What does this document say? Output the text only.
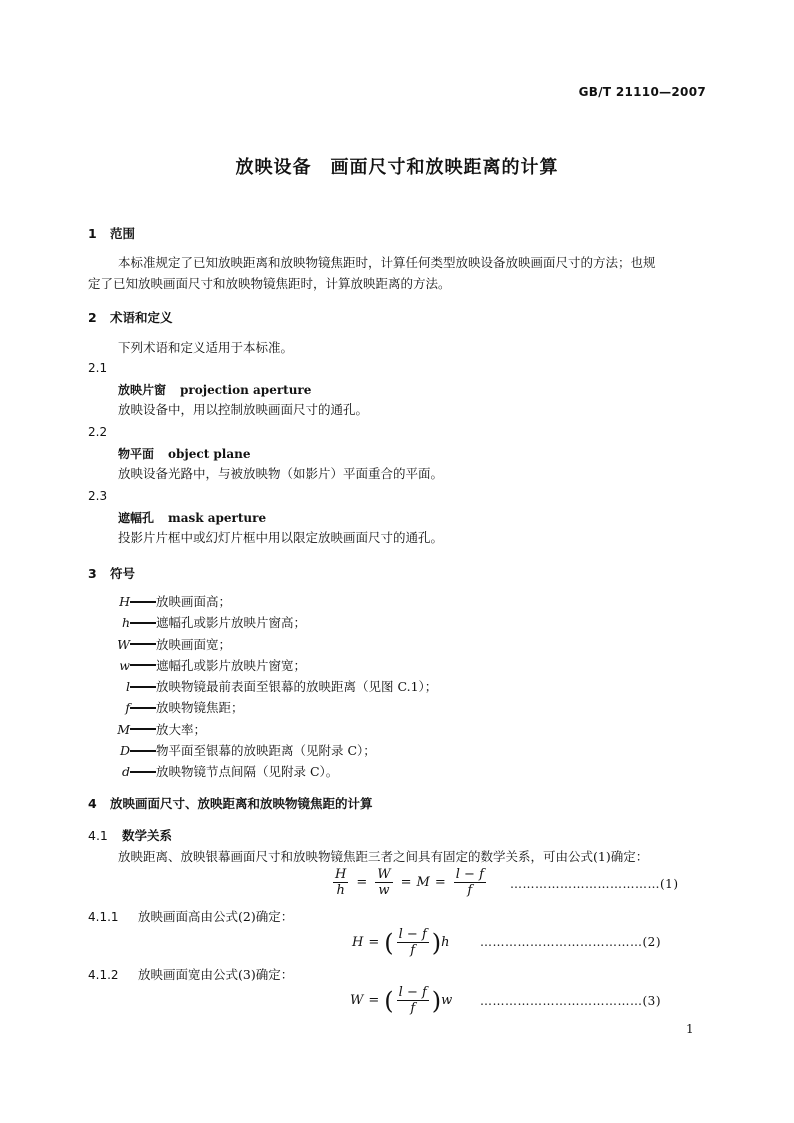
GB/T 21110—2007
放映设备　画面尺寸和放映距离的计算
1 范围
本标准规定了已知放映距离和放映物镜焦距时，计算任何类型放映设备放映画面尺寸的方法；也规
定了已知放映画面尺寸和放映物镜焦距时，计算放映距离的方法。
2 术语和定义
下列术语和定义适用于本标准。
2.1
放映片窗 projection aperture
放映设备中，用以控制放映画面尺寸的通孔。
2.2
物平面 object plane
放映设备光路中，与被放映物（如影片）平面重合的平面。
2.3
遮幅孔 mask aperture
投影片片框中或幻灯片框中用以限定放映画面尺寸的通孔。
3 符号
H 放映画面高；
h 遮幅孔或影片放映片窗高；
W 放映画面宽；
w 遮幅孔或影片放映片窗宽；
l 放映物镜最前表面至银幕的放映距离（见图 C.1）；
f 放映物镜焦距；
M 放大率；
D 物平面至银幕的放映距离（见附录 C）；
d 放映物镜节点间隔（见附录 C）。
4 放映画面尺寸、放映距离和放映物镜焦距的计算
4.1 数学关系
放映距离、放映银幕画面尺寸和放映物镜焦距三者之间具有固定的数学关系，可由公式(1)确定：
$\frac{H}{h} = \frac{W}{w} = M = \frac{l - f}{f}$ ………………………………(1)
4.1.1 放映画面高由公式(2)确定：
H = ( $\frac{l - f}{f}$ ) h	…………………………………(2)
4.1.2 放映画面宽由公式(3)确定：
W = ( $\frac{l - f}{f}$ ) w …………………………………(3)
1
